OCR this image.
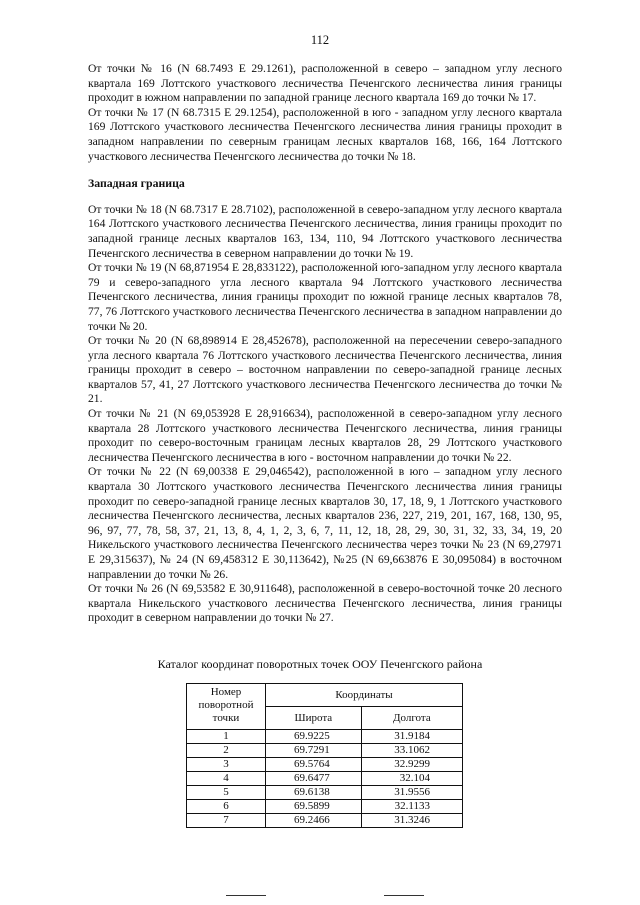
112

От точки № 16 (N 68.7493 E 29.1261), расположенной в северо – западном углу лесного квартала 169 Лоттского участкового лесничества Печенгского лесничества линия границы проходит в южном направлении по западной границе лесного квартала 169 до точки № 17.

От точки № 17 (N 68.7315 E 29.1254), расположенной в юго - западном углу лесного квартала 169 Лоттского участкового лесничества Печенгского лесничества линия границы проходит в западном направлении по северным границам лесных кварталов 168, 166, 164 Лоттского участкового лесничества Печенгского лесничества до точки № 18.

Западная граница

От точки № 18 (N 68.7317 E 28.7102), расположенной в северо-западном углу лесного квартала 164 Лоттского участкового лесничества Печенгского лесничества, линия границы проходит по западной границе лесных кварталов 163, 134, 110, 94 Лоттского участкового лесничества Печенгского лесничества в северном направлении до точки № 19.

От точки № 19 (N 68,871954 E 28,833122), расположенной юго-западном углу лесного квартала 79 и северо-западного угла лесного квартала 94 Лоттского участкового лесничества Печенгского лесничества, линия границы проходит по южной границе лесных кварталов 78, 77, 76 Лоттского участкового лесничества Печенгского лесничества в западном направлении до точки № 20.

От точки № 20 (N 68,898914 E 28,452678), расположенной на пересечении северо-западного угла лесного квартала 76 Лоттского участкового лесничества Печенгского лесничества, линия границы проходит в северо – восточном направлении по северо-западной границе лесных кварталов 57, 41, 27 Лоттского участкового лесничества Печенгского лесничества до точки № 21.

От точки № 21 (N 69,053928 E 28,916634), расположенной в северо-западном углу лесного квартала 28 Лоттского участкового лесничества Печенгского лесничества, линия границы проходит по северо-восточным границам лесных кварталов 28, 29 Лоттского участкового лесничества Печенгского лесничества в юго - восточном направлении до точки № 22.

От точки № 22 (N 69,00338 E 29,046542), расположенной в юго – западном углу лесного квартала 30 Лоттского участкового лесничества Печенгского лесничества линия границы проходит по северо-западной границе лесных кварталов 30, 17, 18, 9, 1 Лоттского участкового лесничества Печенгского лесничества, лесных кварталов 236, 227, 219, 201, 167, 168, 130, 95, 96, 97, 77, 78, 58, 37, 21, 13, 8, 4, 1, 2, 3, 6, 7, 11, 12, 18, 28, 29, 30, 31, 32, 33, 34, 19, 20 Никельского участкового лесничества Печенгского лесничества через точки № 23 (N 69,27971 E 29,315637), № 24 (N 69,458312 E 30,113642), №25 (N 69,663876 E 30,095084) в восточном направлении до точки № 26.

От точки № 26 (N 69,53582 E 30,911648), расположенной в северо-восточной точке 20 лесного квартала Никельского участкового лесничества Печенгского лесничества, линия границы проходит в северном направлении до точки № 27.

Каталог координат поворотных точек ООУ Печенгского района
Номер поворотной точки	Координаты	
	Широта	Долгота
1	69.9225	31.9184
2	69.7291	33.1062
3	69.5764	32.9299
4	69.6477	32.104
5	69.6138	31.9556
6	69.5899	32.1133
7	69.2466	31.3246
